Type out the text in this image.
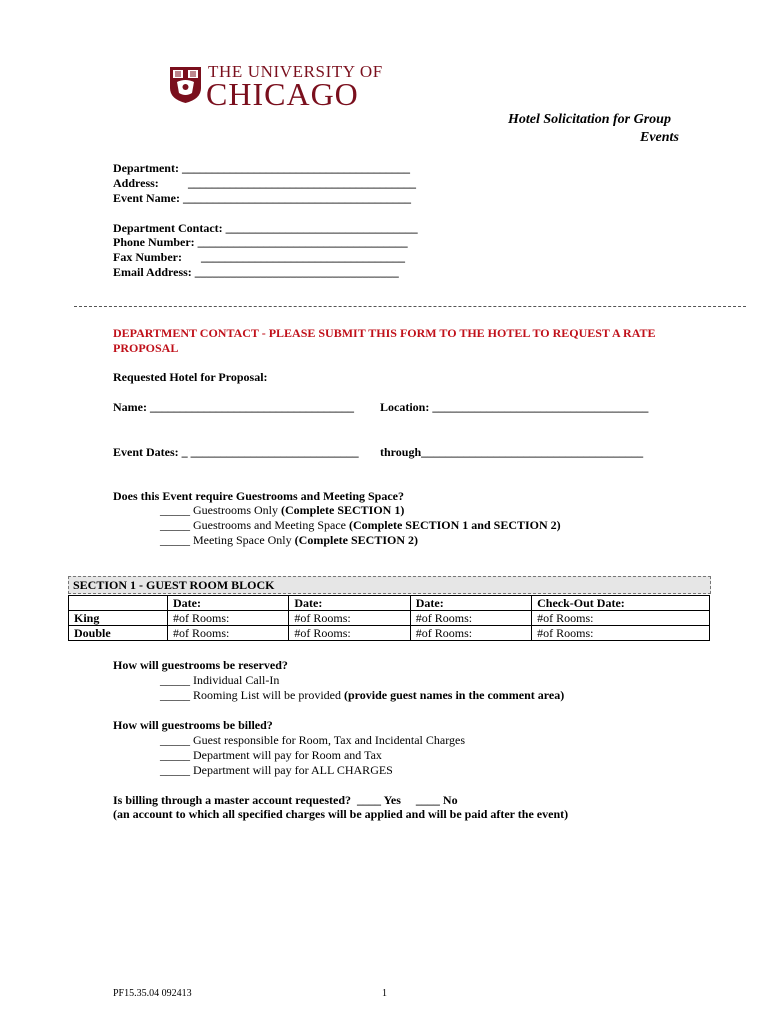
THE UNIVERSITY OF
CHICAGO
Hotel Solicitation for Group
Events
Department: ______________________________________
Address: ______________________________________
Event Name: ______________________________________
Department Contact: ________________________________
Phone Number: ___________________________________
Fax Number: __________________________________
Email Address: __________________________________
DEPARTMENT CONTACT - PLEASE SUBMIT THIS FORM TO THE HOTEL TO REQUEST A RATE
PROPOSAL
Requested Hotel for Proposal:
Name: __________________________________ Location: ____________________________________
Event Dates: _ ____________________________ through_____________________________________
Does this Event require Guestrooms and Meeting Space?
_____ Guestrooms Only (Complete SECTION 1)
_____ Guestrooms and Meeting Space (Complete SECTION 1 and SECTION 2)
_____ Meeting Space Only (Complete SECTION 2)
SECTION 1 - GUEST ROOM BLOCK
	Date:	Date:	Date:	Check-Out Date:
King	#of Rooms:	#of Rooms:	#of Rooms:	#of Rooms:
Double	#of Rooms:	#of Rooms:	#of Rooms:	#of Rooms:
How will guestrooms be reserved?
_____ Individual Call-In
_____ Rooming List will be provided (provide guest names in the comment area)
How will guestrooms be billed?
_____ Guest responsible for Room, Tax and Incidental Charges
_____ Department will pay for Room and Tax
_____ Department will pay for ALL CHARGES
Is billing through a master account requested?  ____ Yes     ____ No
(an account to which all specified charges will be applied and will be paid after the event)
PF15.35.04 092413	1
